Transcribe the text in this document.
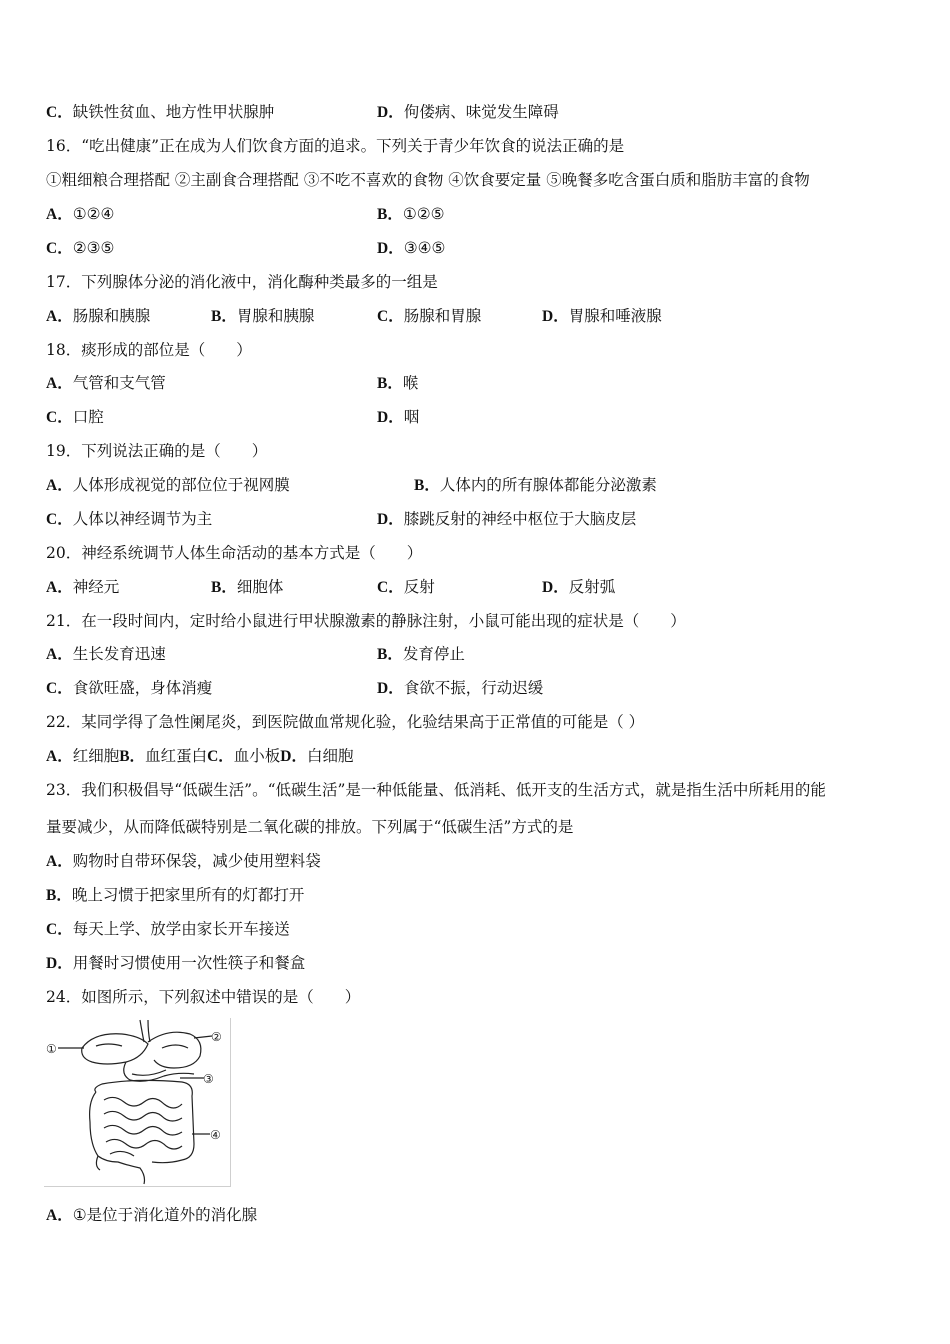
C．缺铁性贫血、地方性甲状腺肿	D．佝偻病、味觉发生障碍
16．“吃出健康”正在成为人们饮食方面的追求。下列关于青少年饮食的说法正确的是
①粗细粮合理搭配 ②主副食合理搭配 ③不吃不喜欢的食物 ④饮食要定量 ⑤晚餐多吃含蛋白质和脂肪丰富的食物
A．①②④	B．①②⑤
C．②③⑤	D．③④⑤
17．下列腺体分泌的消化液中，消化酶种类最多的一组是
A．肠腺和胰腺	B．胃腺和胰腺	C．肠腺和胃腺	D．胃腺和唾液腺
18．痰形成的部位是（　　）
A．气管和支气管	B．喉
C．口腔	D．咽
19．下列说法正确的是（　　）
A．人体形成视觉的部位位于视网膜	B．人体内的所有腺体都能分泌激素
C．人体以神经调节为主	D．膝跳反射的神经中枢位于大脑皮层
20．神经系统调节人体生命活动的基本方式是（　　）
A．神经元	B．细胞体	C．反射	D．反射弧
21．在一段时间内，定时给小鼠进行甲状腺激素的静脉注射，小鼠可能出现的症状是（　　）
A．生长发育迅速	B．发育停止
C．食欲旺盛，身体消瘦	D．食欲不振，行动迟缓
22．某同学得了急性阑尾炎，到医院做血常规化验，化验结果高于正常值的可能是（ ）
A．红细胞B．血红蛋白C．血小板D．白细胞
23．我们积极倡导“低碳生活”。“低碳生活”是一种低能量、低消耗、低开支的生活方式，就是指生活中所耗用的能
量要减少，从而降低碳特别是二氧化碳的排放。下列属于“低碳生活”方式的是
A．购物时自带环保袋，减少使用塑料袋
B．晚上习惯于把家里所有的灯都打开
C．每天上学、放学由家长开车接送
D．用餐时习惯使用一次性筷子和餐盒
24．如图所示，下列叙述中错误的是（　　）
①
②
③
④
A．①是位于消化道外的消化腺
